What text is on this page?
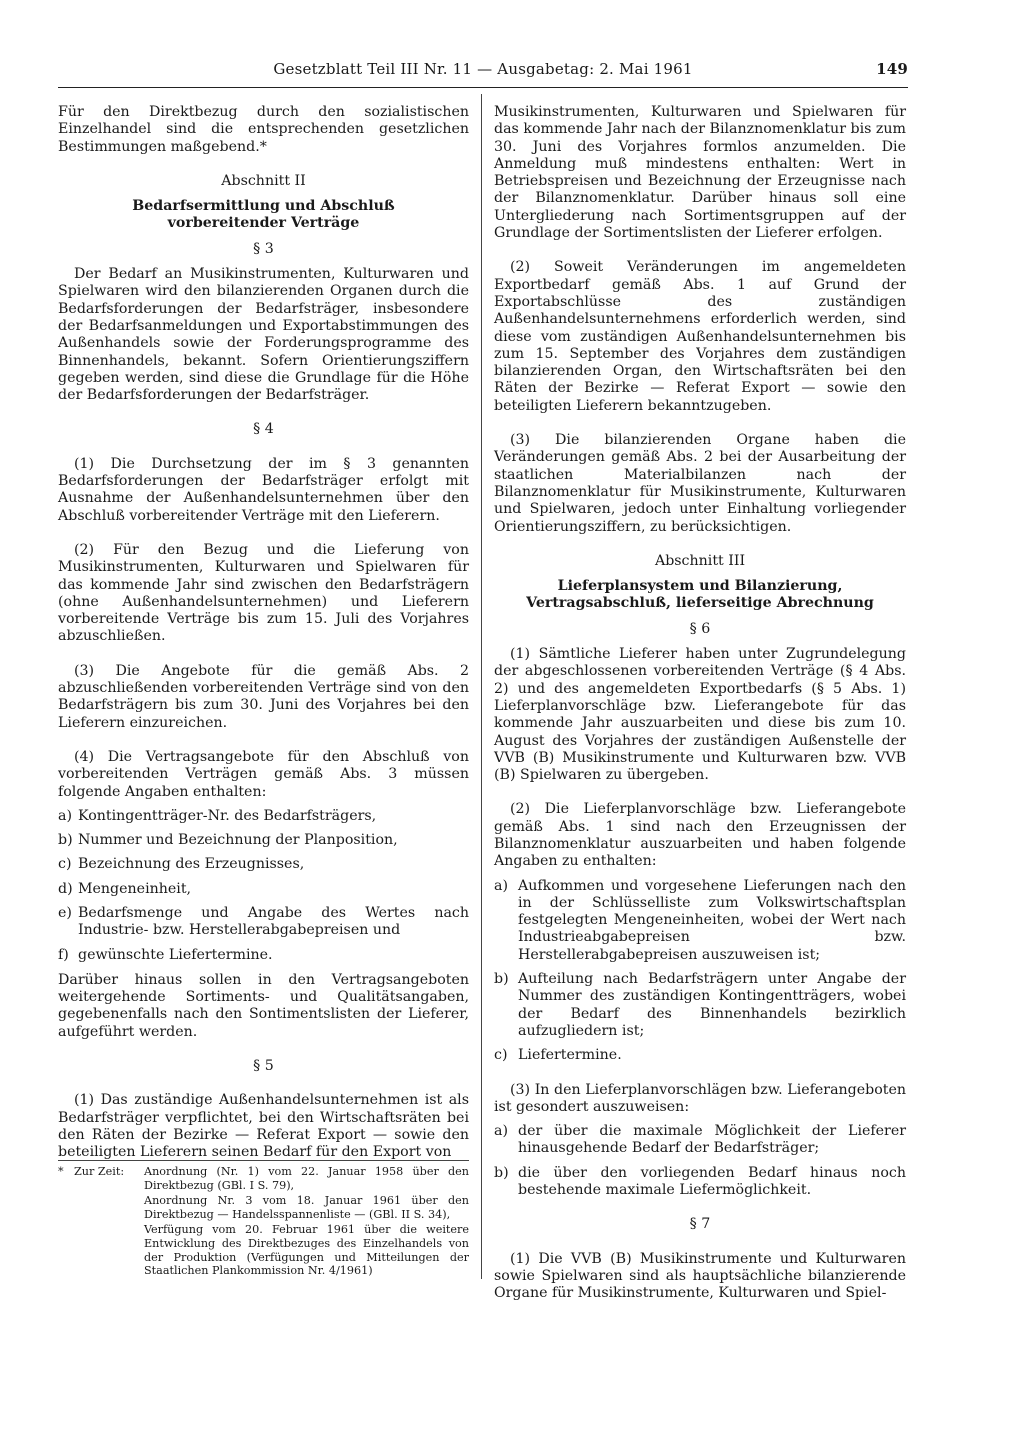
Gesetzblatt Teil III Nr. 11 — Ausgabetag: 2. Mai 1961	149

Für den Direktbezug durch den sozialistischen Einzelhandel sind die entsprechenden gesetzlichen Bestimmungen maßgebend.*

Abschnitt II

Bedarfsermittlung und Abschluß

vorbereitender Verträge

§ 3

Der Bedarf an Musikinstrumenten, Kulturwaren und Spielwaren wird den bilanzierenden Organen durch die Bedarfsforderungen der Bedarfsträger, insbesondere der Bedarfsanmeldungen und Exportabstimmungen des Außenhandels sowie der Forderungsprogramme des Binnenhandels, bekannt. Sofern Orientierungsziffern gegeben werden, sind diese die Grundlage für die Höhe der Bedarfsforderungen der Bedarfsträger.

§ 4

(1) Die Durchsetzung der im § 3 genannten Bedarfsforderungen der Bedarfsträger erfolgt mit Ausnahme der Außenhandelsunternehmen über den Abschluß vorbereitender Verträge mit den Lieferern.

(2) Für den Bezug und die Lieferung von Musikinstrumenten, Kulturwaren und Spielwaren für das kommende Jahr sind zwischen den Bedarfsträgern (ohne Außenhandelsunternehmen) und Lieferern vorbereitende Verträge bis zum 15. Juli des Vorjahres abzuschließen.

(3) Die Angebote für die gemäß Abs. 2 abzuschließenden vorbereitenden Verträge sind von den Bedarfsträgern bis zum 30. Juni des Vorjahres bei den Lieferern einzureichen.

(4) Die Vertragsangebote für den Abschluß von vorbereitenden Verträgen gemäß Abs. 3 müssen folgende Angaben enthalten:

a) Kontingentträger-Nr. des Bedarfsträgers,
b) Nummer und Bezeichnung der Planposition,
c) Bezeichnung des Erzeugnisses,
d) Mengeneinheit,
e) Bedarfsmenge und Angabe des Wertes nach Industrie- bzw. Herstellerabgabepreisen und
f) gewünschte Liefertermine.

Darüber hinaus sollen in den Vertragsangeboten weitergehende Sortiments- und Qualitätsangaben, gegebenenfalls nach den Sontimentslisten der Lieferer, aufgeführt werden.

§ 5

(1) Das zuständige Außenhandelsunternehmen ist als Bedarfsträger verpflichtet, bei den Wirtschaftsräten bei den Räten der Bezirke — Referat Export — sowie den beteiligten Lieferern seinen Bedarf für den Export von

* Zur Zeit:	Anordnung (Nr. 1) vom 22. Januar 1958 über den Direktbezug (GBl. I S. 79),
Anordnung Nr. 3 vom 18. Januar 1961 über den Direktbezug — Handelsspannenliste — (GBl. II S. 34),
Verfügung vom 20. Februar 1961 über die weitere Entwicklung des Direktbezuges des Einzelhandels von der Produktion (Verfügungen und Mitteilungen der Staatlichen Plankommission Nr. 4/1961)

Musikinstrumenten, Kulturwaren und Spielwaren für das kommende Jahr nach der Bilanznomenklatur bis zum 30. Juni des Vorjahres formlos anzumelden. Die Anmeldung muß mindestens enthalten: Wert in Betriebspreisen und Bezeichnung der Erzeugnisse nach der Bilanznomenklatur. Darüber hinaus soll eine Untergliederung nach Sortimentsgruppen auf der Grundlage der Sortimentslisten der Lieferer erfolgen.

(2) Soweit Veränderungen im angemeldeten Exportbedarf gemäß Abs. 1 auf Grund der Exportabschlüsse des zuständigen Außenhandelsunternehmens erforderlich werden, sind diese vom zuständigen Außenhandelsunternehmen bis zum 15. September des Vorjahres dem zuständigen bilanzierenden Organ, den Wirtschaftsräten bei den Räten der Bezirke — Referat Export — sowie den beteiligten Lieferern bekanntzugeben.

(3) Die bilanzierenden Organe haben die Veränderungen gemäß Abs. 2 bei der Ausarbeitung der staatlichen Materialbilanzen nach der Bilanznomenklatur für Musikinstrumente, Kulturwaren und Spielwaren, jedoch unter Einhaltung vorliegender Orientierungsziffern, zu berücksichtigen.

Abschnitt III

Lieferplansystem und Bilanzierung,

Vertragsabschluß, lieferseitige Abrechnung

§ 6

(1) Sämtliche Lieferer haben unter Zugrundelegung der abgeschlossenen vorbereitenden Verträge (§ 4 Abs. 2) und des angemeldeten Exportbedarfs (§ 5 Abs. 1) Lieferplanvorschläge bzw. Lieferangebote für das kommende Jahr auszuarbeiten und diese bis zum 10. August des Vorjahres der zuständigen Außenstelle der VVB (B) Musikinstrumente und Kulturwaren bzw. VVB (B) Spielwaren zu übergeben.

(2) Die Lieferplanvorschläge bzw. Lieferangebote gemäß Abs. 1 sind nach den Erzeugnissen der Bilanznomenklatur auszuarbeiten und haben folgende Angaben zu enthalten:

a) Aufkommen und vorgesehene Lieferungen nach den in der Schlüsselliste zum Volkswirtschaftsplan festgelegten Mengeneinheiten, wobei der Wert nach Industrieabgabepreisen bzw. Herstellerabgabepreisen auszuweisen ist;
b) Aufteilung nach Bedarfsträgern unter Angabe der Nummer des zuständigen Kontingentträgers, wobei der Bedarf des Binnenhandels bezirklich aufzugliedern ist;
c) Liefertermine.

(3) In den Lieferplanvorschlägen bzw. Lieferangeboten ist gesondert auszuweisen:

a) der über die maximale Möglichkeit der Lieferer hinausgehende Bedarf der Bedarfsträger;
b) die über den vorliegenden Bedarf hinaus noch bestehende maximale Liefermöglichkeit.

§ 7

(1) Die VVB (B) Musikinstrumente und Kulturwaren sowie Spielwaren sind als hauptsächliche bilanzierende Organe für Musikinstrumente, Kulturwaren und Spiel-
